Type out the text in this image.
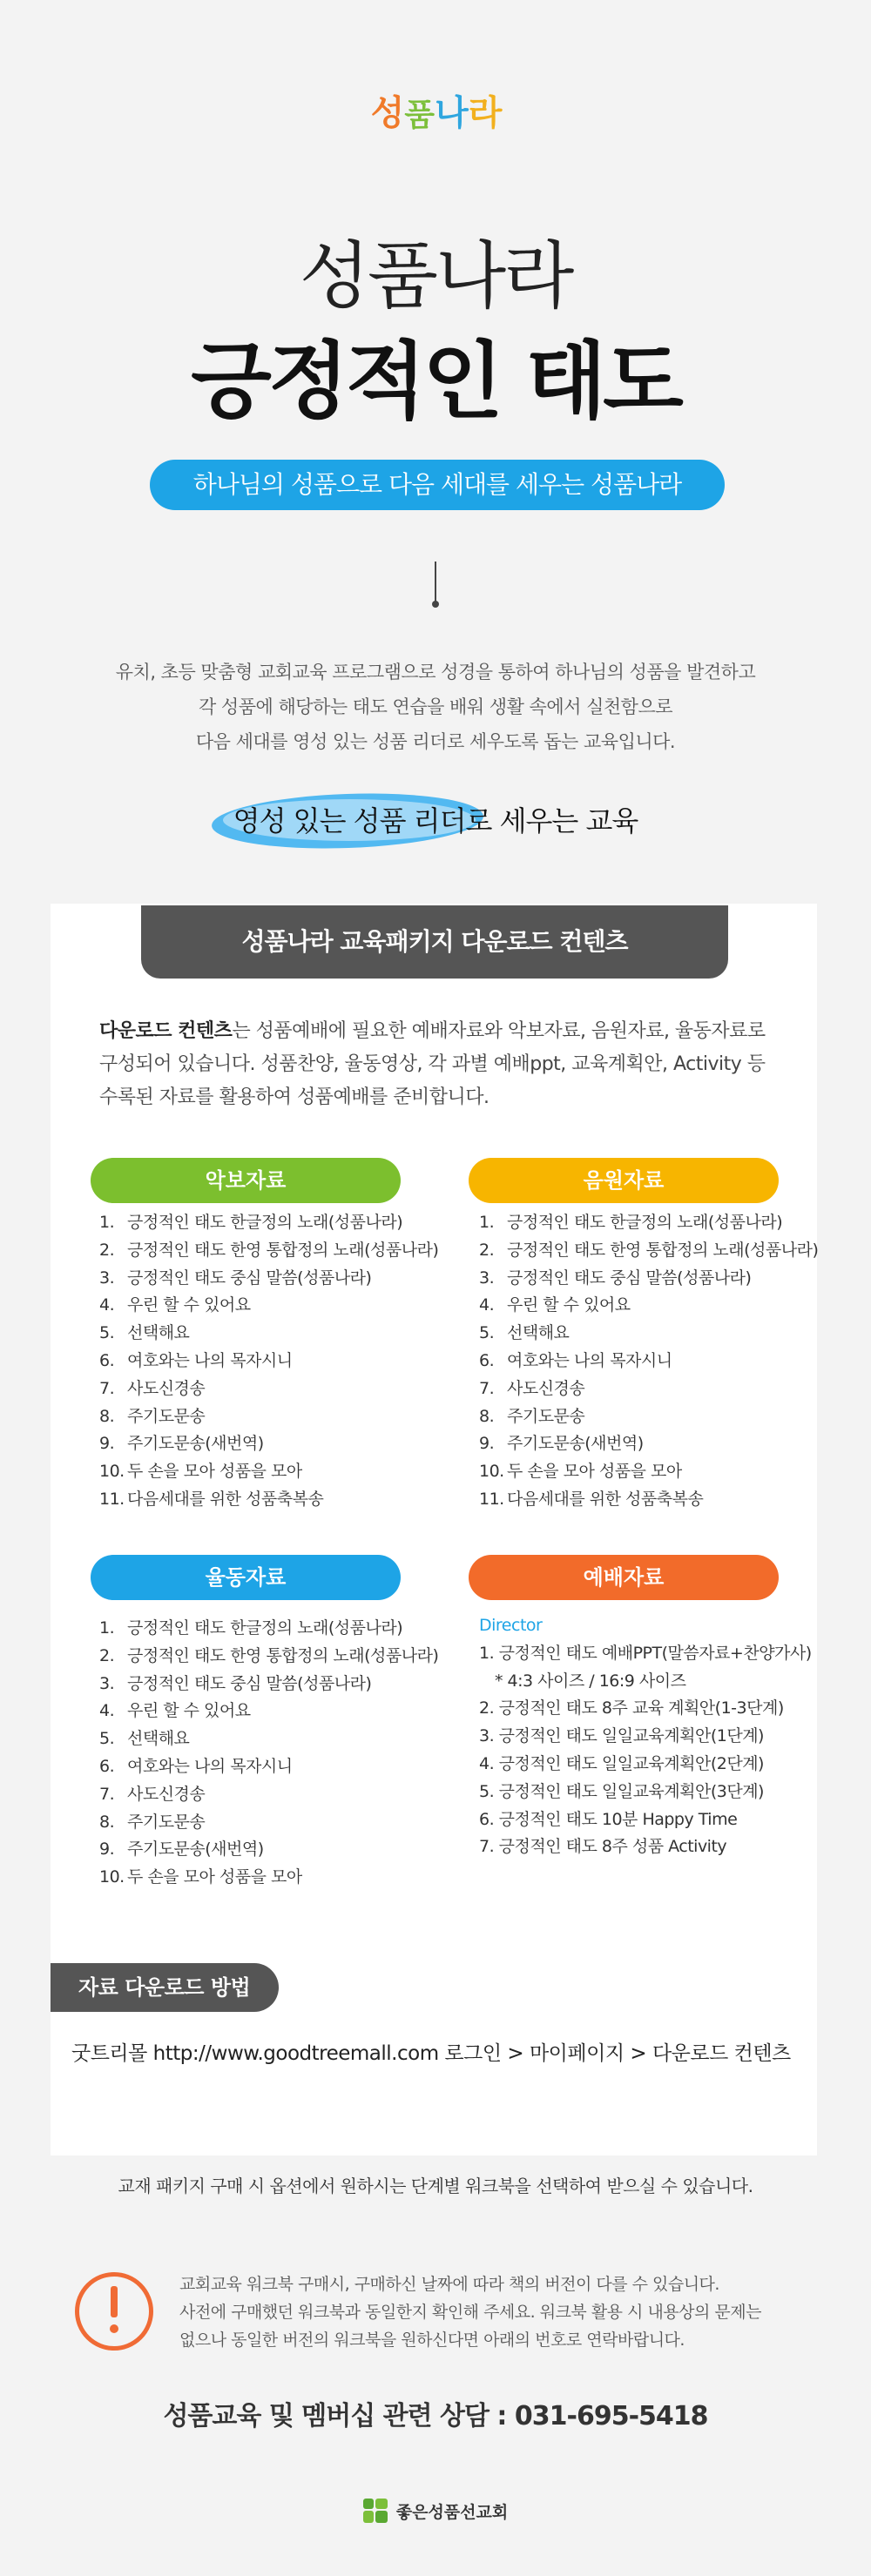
성 품 나 라
성품나라
긍정적인 태도
하나님의 성품으로 다음 세대를 세우는 성품나라
유치, 초등 맞춤형 교회교육 프로그램으로 성경을 통하여 하나님의 성품을 발견하고
각 성품에 해당하는 태도 연습을 배워 생활 속에서 실천함으로
다음 세대를 영성 있는 성품 리더로 세우도록 돕는 교육입니다.
영성 있는 성품 리더로 세우는 교육
성품나라 교육패키지 다운로드 컨텐츠
다운로드 컨텐츠는 성품예배에 필요한 예배자료와 악보자료, 음원자료, 율동자료로
구성되어 있습니다. 성품찬양, 율동영상, 각 과별 예배ppt, 교육계획안, Activity 등
수록된 자료를 활용하여 성품예배를 준비합니다.
악보자료
1. 긍정적인 태도 한글정의 노래(성품나라)
2. 긍정적인 태도 한영 통합정의 노래(성품나라)
3. 긍정적인 태도 중심 말씀(성품나라)
4. 우린 할 수 있어요
5. 선택해요
6. 여호와는 나의 목자시니
7. 사도신경송
8. 주기도문송
9. 주기도문송(새번역)
10. 두 손을 모아 성품을 모아
11. 다음세대를 위한 성품축복송
음원자료
1. 긍정적인 태도 한글정의 노래(성품나라)
2. 긍정적인 태도 한영 통합정의 노래(성품나라)
3. 긍정적인 태도 중심 말씀(성품나라)
4. 우린 할 수 있어요
5. 선택해요
6. 여호와는 나의 목자시니
7. 사도신경송
8. 주기도문송
9. 주기도문송(새번역)
10. 두 손을 모아 성품을 모아
11. 다음세대를 위한 성품축복송
율동자료
1. 긍정적인 태도 한글정의 노래(성품나라)
2. 긍정적인 태도 한영 통합정의 노래(성품나라)
3. 긍정적인 태도 중심 말씀(성품나라)
4. 우린 할 수 있어요
5. 선택해요
6. 여호와는 나의 목자시니
7. 사도신경송
8. 주기도문송
9. 주기도문송(새번역)
10. 두 손을 모아 성품을 모아
예배자료
Director
1. 긍정적인 태도 예배PPT(말씀자료+찬양가사)
* 4:3 사이즈 / 16:9 사이즈
2. 긍정적인 태도 8주 교육 계획안(1-3단계)
3. 긍정적인 태도 일일교육계획안(1단계)
4. 긍정적인 태도 일일교육계획안(2단계)
5. 긍정적인 태도 일일교육계획안(3단계)
6. 긍정적인 태도 10분 Happy Time
7. 긍정적인 태도 8주 성품 Activity
자료 다운로드 방법
굿트리몰 http://www.goodtreemall.com 로그인 > 마이페이지 > 다운로드 컨텐츠
교재 패키지 구매 시 옵션에서 원하시는 단계별 워크북을 선택하여 받으실 수 있습니다.
교회교육 워크북 구매시, 구매하신 날짜에 따라 책의 버전이 다를 수 있습니다.
사전에 구매했던 워크북과 동일한지 확인해 주세요. 워크북 활용 시 내용상의 문제는
없으나 동일한 버전의 워크북을 원하신다면 아래의 번호로 연락바랍니다.
성품교육 및 멤버십 관련 상담 : 031-695-5418
좋은성품선교회
